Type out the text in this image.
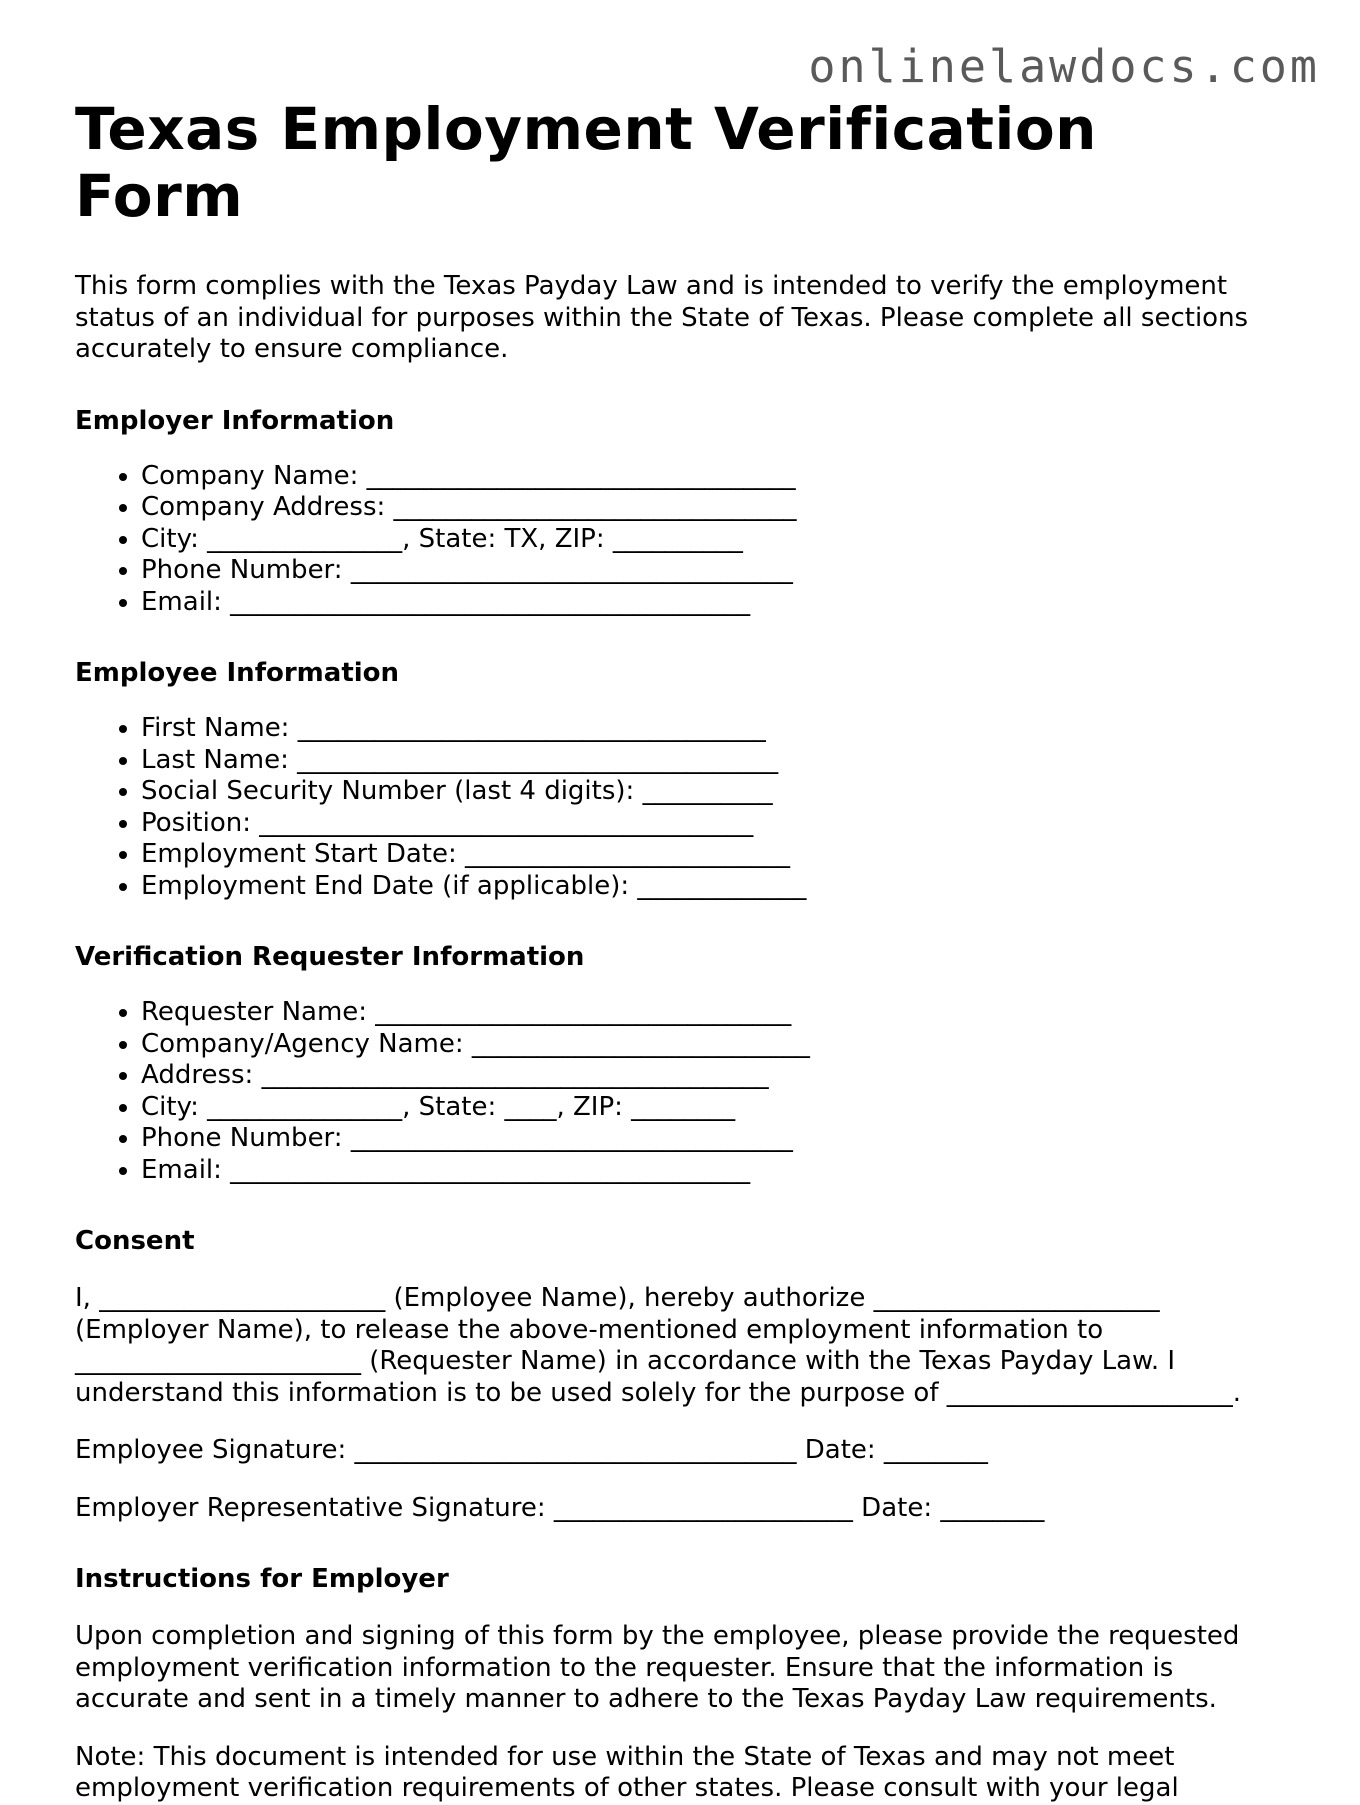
onlinelawdocs.com
Texas Employment Verification Form

This form complies with the Texas Payday Law and is intended to verify the employment status of an individual for purposes within the State of Texas. Please complete all sections accurately to ensure compliance.

Employer Information
• Company Name: _________________________________
• Company Address: _______________________________
• City: _______________, State: TX, ZIP: __________
• Phone Number: __________________________________
• Email: ________________________________________
Employee Information
• First Name: ____________________________________
• Last Name: _____________________________________
• Social Security Number (last 4 digits): __________
• Position: ______________________________________
• Employment Start Date: _________________________
• Employment End Date (if applicable): _____________
Verification Requester Information
• Requester Name: ________________________________
• Company/Agency Name: __________________________
• Address: _______________________________________
• City: _______________, State: ____, ZIP: ________
• Phone Number: __________________________________
• Email: ________________________________________
Consent

I, ______________________ (Employee Name), hereby authorize ______________________ (Employer Name), to release the above-mentioned employment information to ______________________ (Requester Name) in accordance with the Texas Payday Law. I understand this information is to be used solely for the purpose of ______________________.

Employee Signature: __________________________________ Date: ________

Employer Representative Signature: _______________________ Date: ________

Instructions for Employer

Upon completion and signing of this form by the employee, please provide the requested employment verification information to the requester. Ensure that the information is accurate and sent in a timely manner to adhere to the Texas Payday Law requirements.

Note: This document is intended for use within the State of Texas and may not meet employment verification requirements of other states. Please consult with your legal
